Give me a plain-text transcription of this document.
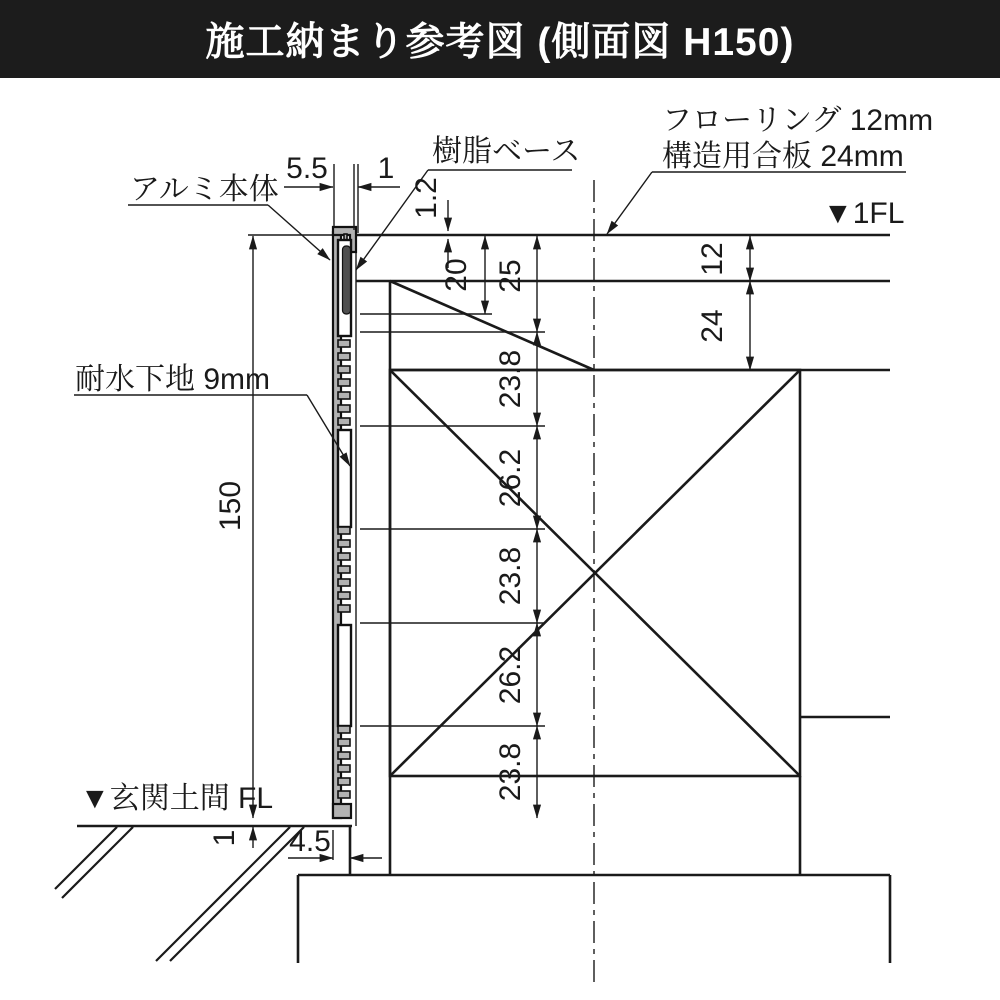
施工納まり参考図 (側面図 H150)
5.5 1
1.2
20 25
23.8
26.2
23.8
26.2
23.8
12
24
150
1 4.5
フローリング 12mm
構造用合板 24mm
樹脂ベース
アルミ本体
耐水下地 9mm
▼1FL
▼玄関土間 FL
